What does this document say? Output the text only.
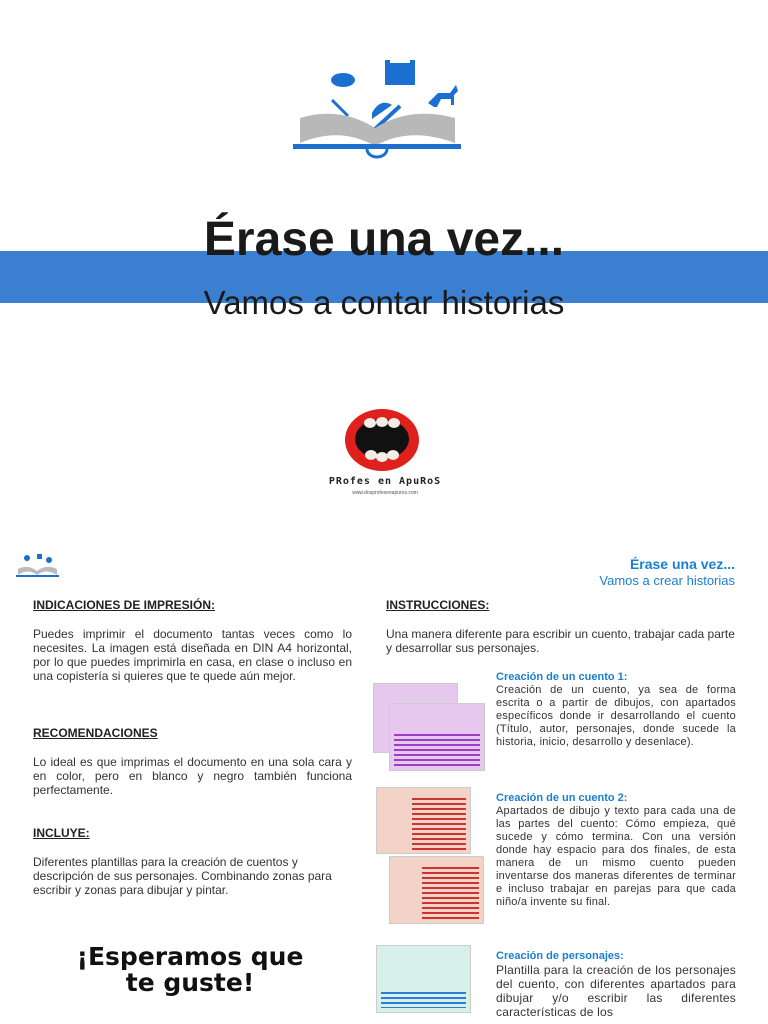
Érase una vez...
Vamos a contar historias
PRofes en ApuRoS
www.dosprofesenapuros.com
Érase una vez...
Vamos a crear historias
INDICACIONES DE IMPRESIÓN:
Puedes imprimir el documento tantas veces como lo necesites. La imagen está diseñada en DIN A4 horizontal, por lo que puedes imprimirla en casa, en clase o incluso en una copistería si quieres que te quede aún mejor.
RECOMENDACIONES
Lo ideal es que imprimas el documento en una sola cara y en color, pero en blanco y negro también funciona perfectamente.
INCLUYE:
Diferentes plantillas para la creación de cuentos y descripción de sus personajes. Combinando zonas para escribir y zonas para dibujar y pintar.
¡Esperamos que te guste!
INSTRUCCIONES:
Una manera diferente para escribir un cuento, trabajar cada parte y desarrollar sus personajes.
Creación de un cuento 1:
Creación de un cuento, ya sea de forma escrita o a partir de dibujos, con apartados específicos donde ir desarrollando el cuento (Título, autor, personajes, donde sucede la historia, inicio, desarrollo y desenlace).
Creación de un cuento 2:
Apartados de dibujo y texto para cada una de las partes del cuento: Cómo empieza, qué sucede y cómo termina. Con una versión donde hay espacio para dos finales, de esta manera de un mismo cuento pueden inventarse dos maneras diferentes de terminar e incluso trabajar en parejas para que cada niño/a invente su final.
Creación de personajes:
Plantilla para la creación de los personajes del cuento, con diferentes apartados para dibujar y/o escribir las diferentes características de los
